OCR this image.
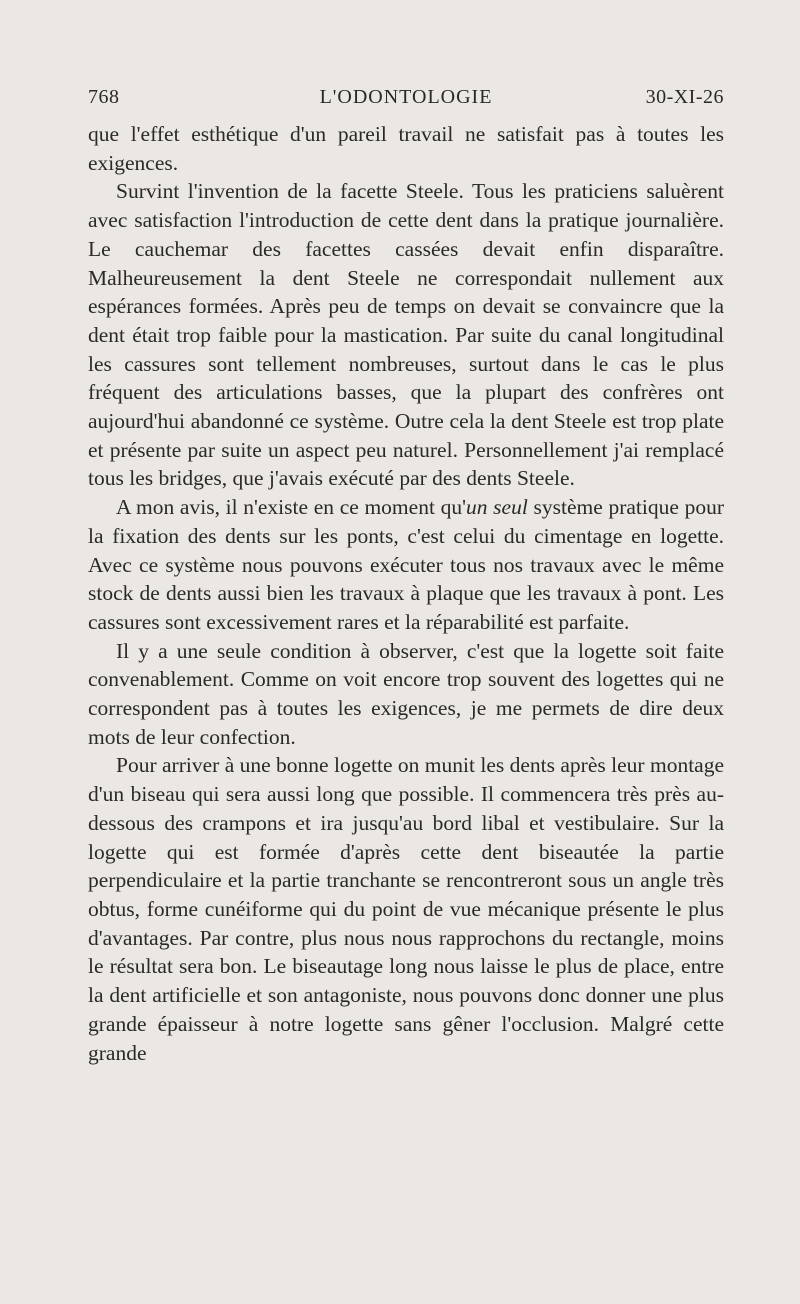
768	L'ODONTOLOGIE	30-XI-26

que l'effet esthétique d'un pareil travail ne satisfait pas à toutes les exigences.

Survint l'invention de la facette Steele. Tous les praticiens saluèrent avec satisfaction l'introduction de cette dent dans la pratique journalière. Le cauchemar des facettes cassées devait enfin disparaître. Malheureusement la dent Steele ne correspondait nullement aux espérances formées. Après peu de temps on devait se convaincre que la dent était trop faible pour la mastication. Par suite du canal longitudinal les cassures sont tellement nombreuses, surtout dans le cas le plus fréquent des articulations basses, que la plupart des confrères ont aujourd'hui abandonné ce système. Outre cela la dent Steele est trop plate et présente par suite un aspect peu naturel. Personnellement j'ai remplacé tous les bridges, que j'avais exécuté par des dents Steele.

A mon avis, il n'existe en ce moment qu'un seul système pratique pour la fixation des dents sur les ponts, c'est celui du cimentage en logette. Avec ce système nous pouvons exécuter tous nos travaux avec le même stock de dents aussi bien les travaux à plaque que les travaux à pont. Les cassures sont excessivement rares et la réparabilité est parfaite.

Il y a une seule condition à observer, c'est que la logette soit faite convenablement. Comme on voit encore trop souvent des logettes qui ne correspondent pas à toutes les exigences, je me permets de dire deux mots de leur confection.

Pour arriver à une bonne logette on munit les dents après leur montage d'un biseau qui sera aussi long que possible. Il commencera très près au-dessous des crampons et ira jusqu'au bord libal et vestibulaire. Sur la logette qui est formée d'après cette dent biseautée la partie perpendiculaire et la partie tranchante se rencontreront sous un angle très obtus, forme cunéiforme qui du point de vue mécanique présente le plus d'avantages. Par contre, plus nous nous rapprochons du rectangle, moins le résultat sera bon. Le biseautage long nous laisse le plus de place, entre la dent artificielle et son antagoniste, nous pouvons donc donner une plus grande épaisseur à notre logette sans gêner l'occlusion. Malgré cette grande
